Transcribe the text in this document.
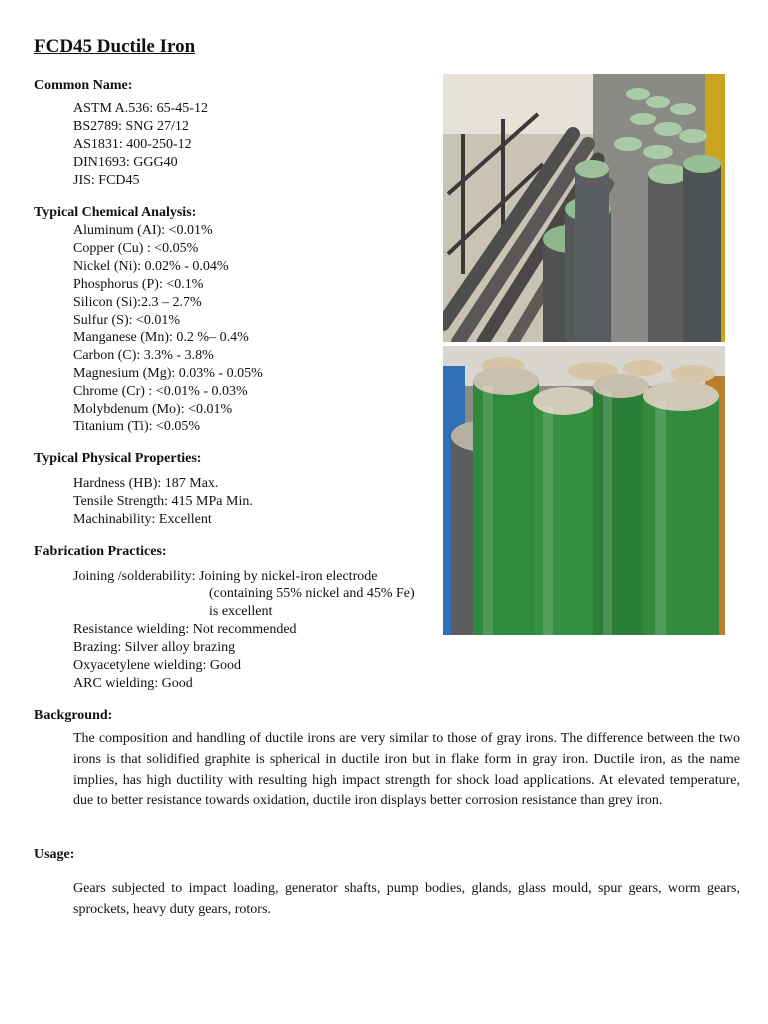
FCD45 Ductile Iron
Common Name:
ASTM A.536: 65-45-12
BS2789: SNG 27/12
AS1831: 400-250-12
DIN1693: GGG40
JIS: FCD45
Typical Chemical Analysis:
Aluminum (AI): <0.01%
Copper (Cu) : <0.05%
Nickel (Ni): 0.02% - 0.04%
Phosphorus (P): <0.1%
Silicon (Si):2.3 – 2.7%
Sulfur (S): <0.01%
Manganese (Mn): 0.2 %– 0.4%
Carbon (C): 3.3% - 3.8%
Magnesium (Mg): 0.03% - 0.05%
Chrome (Cr) : <0.01% - 0.03%
Molybdenum (Mo): <0.01%
Titanium (Ti): <0.05%
Typical Physical Properties:
Hardness (HB): 187 Max.
Tensile Strength: 415 MPa Min.
Machinability: Excellent
Fabrication Practices:
Joining /solderability: Joining by nickel-iron electrode
(containing 55% nickel and 45% Fe)
is excellent
Resistance wielding: Not recommended
Brazing: Silver alloy brazing
Oxyacetylene wielding: Good
ARC wielding: Good
Background:
The composition and handling of ductile irons are very similar to those of gray irons. The difference between the two irons is that solidified graphite is spherical in ductile iron but in flake form in gray iron. Ductile iron, as the name implies, has high ductility with resulting high impact strength for shock load applications. At elevated temperature, due to better resistance towards oxidation, ductile iron displays better corrosion resistance than grey iron.
Usage:
Gears subjected to impact loading, generator shafts, pump bodies, glands, glass mould, spur gears, worm gears, sprockets, heavy duty gears, rotors.
